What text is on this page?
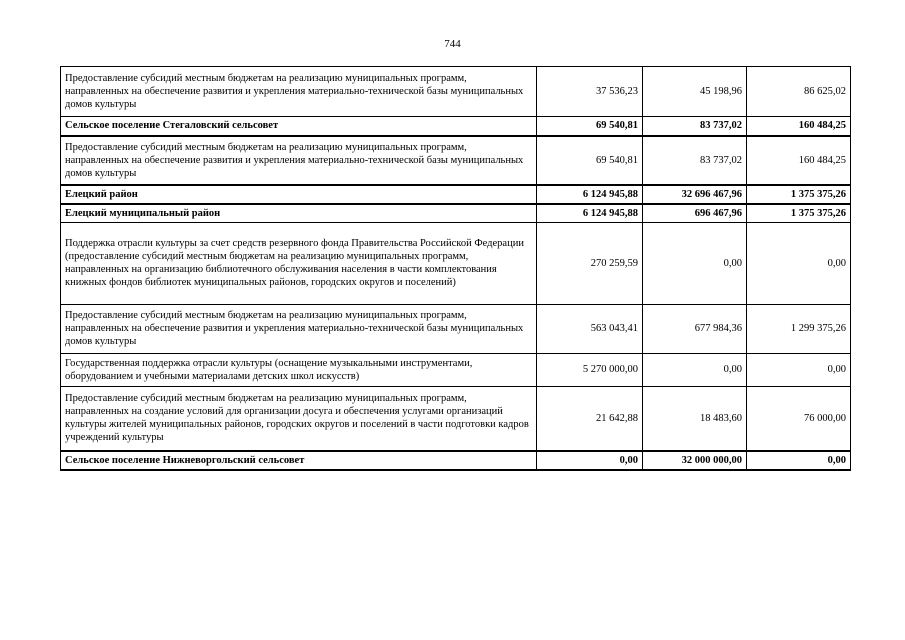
744
Предоставление субсидий местным бюджетам на реализацию муниципальных программ, направленных на обеспечение развития и укрепления материально-технической базы муниципальных домов культуры	37 536,23	45 198,96	86 625,02
Сельское поселение Стегаловский сельсовет	69 540,81	83 737,02	160 484,25
Предоставление субсидий местным бюджетам на реализацию муниципальных программ, направленных на обеспечение развития и укрепления материально-технической базы муниципальных домов культуры	69 540,81	83 737,02	160 484,25
Елецкий район	6 124 945,88	32 696 467,96	1 375 375,26
Елецкий муниципальный район	6 124 945,88	696 467,96	1 375 375,26
Поддержка отрасли культуры за счет средств резервного фонда Правительства Российской Федерации (предоставление субсидий местным бюджетам на реализацию муниципальных программ, направленных на организацию библиотечного обслуживания населения в части комплектования книжных фондов библиотек муниципальных районов, городских округов и поселений)	270 259,59	0,00	0,00
Предоставление субсидий местным бюджетам на реализацию муниципальных программ, направленных на обеспечение развития и укрепления материально-технической базы муниципальных домов культуры	563 043,41	677 984,36	1 299 375,26
Государственная поддержка отрасли культуры (оснащение музыкальными инструментами, оборудованием и учебными материалами детских школ искусств)	5 270 000,00	0,00	0,00
Предоставление субсидий местным бюджетам на реализацию муниципальных программ, направленных на создание условий для организации досуга и обеспечения услугами организаций культуры жителей муниципальных районов, городских округов и поселений в части подготовки кадров учреждений культуры	21 642,88	18 483,60	76 000,00
Сельское поселение Нижневоргольский сельсовет	0,00	32 000 000,00	0,00
